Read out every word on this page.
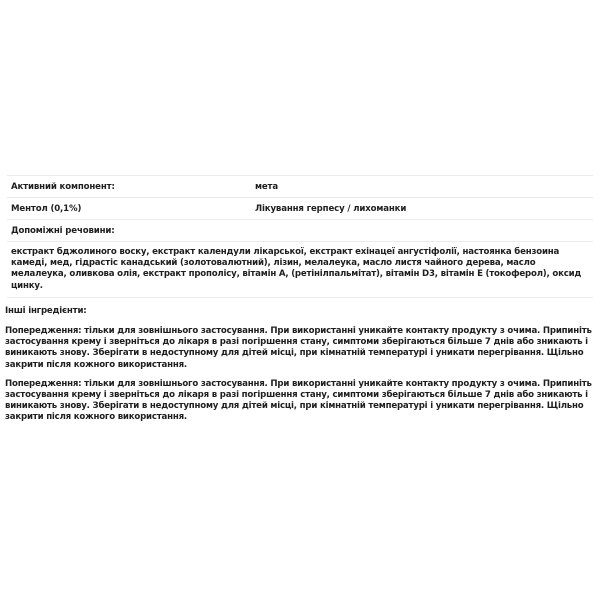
Активний компонент:	мета
Ментол (0,1%)	Лікування герпесу / лихоманки
Допоміжні речовини:
екстракт бджолиного воску, екстракт календули лікарської, екстракт ехінацеї ангустіфолії, настоянка бензоина камеді, мед, гідрастіс канадський (золотовалютний), лізин, мелалеука, масло листя чайного дерева, масло мелалеука, оливкова олія, екстракт прополісу, вітамін А, (ретінілпальмітат), вітамін D3, вітамін Е (токоферол), оксид цинку.
Інші інгредієнти:
Попередження: тільки для зовнішнього застосування. При використанні уникайте контакту продукту з очима. Припиніть застосування крему і зверніться до лікаря в разі погіршення стану, симптоми зберігаються більше 7 днів або зникають і виникають знову. Зберігати в недоступному для дітей місці, при кімнатній температурі і уникати перегрівання. Щільно закрити після кожного використання.
Попередження: тільки для зовнішнього застосування. При використанні уникайте контакту продукту з очима. Припиніть застосування крему і зверніться до лікаря в разі погіршення стану, симптоми зберігаються більше 7 днів або зникають і виникають знову. Зберігати в недоступному для дітей місці, при кімнатній температурі і уникати перегрівання. Щільно закрити після кожного використання.
